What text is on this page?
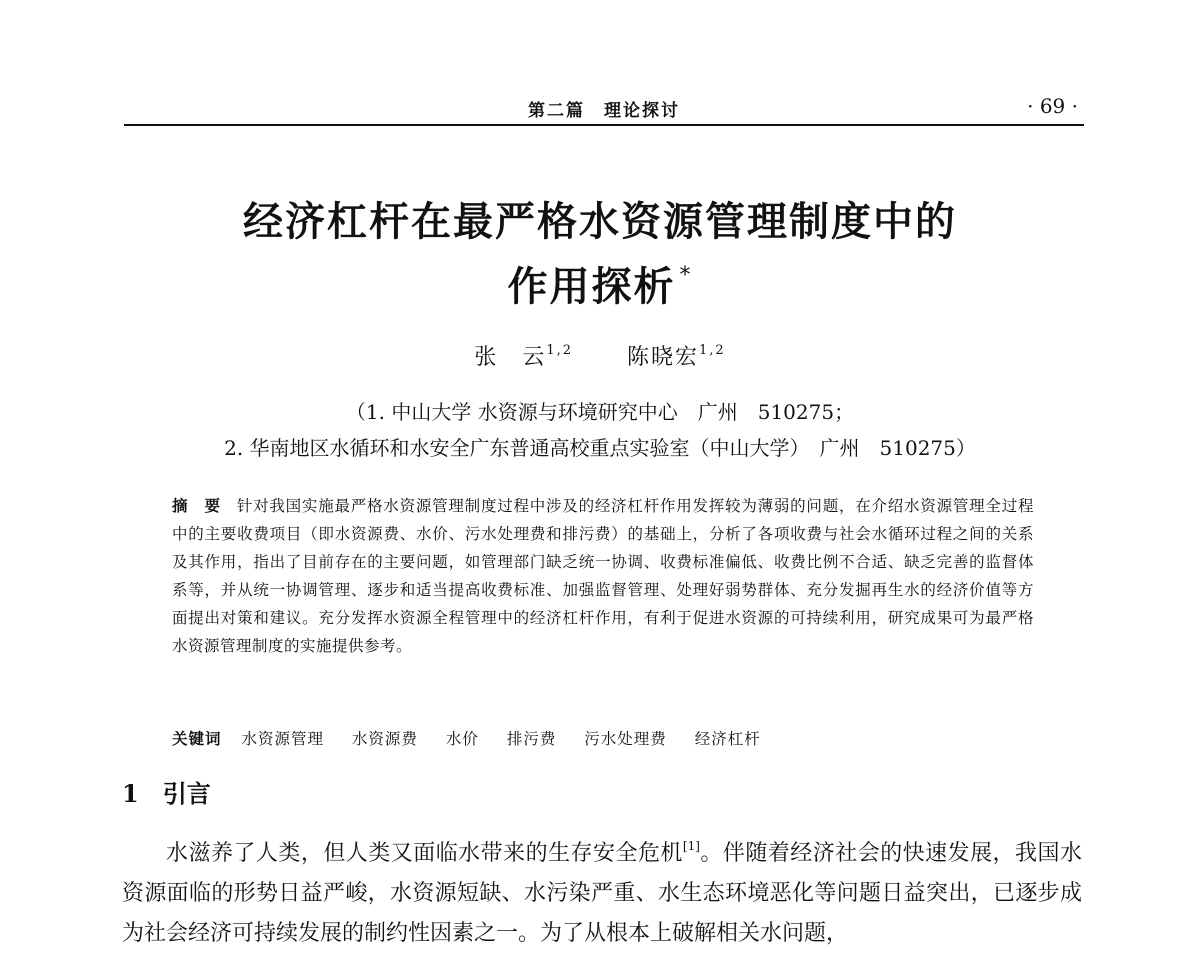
第二篇　理论探讨	· 69 ·
经济杠杆在最严格水资源管理制度中的
作用探析 *
张　云$^{1,2}$ 陈晓宏$^{1,2}$
（1. 中山大学 水资源与环境研究中心　广州　510275；
2. 华南地区水循环和水安全广东普通高校重点实验室（中山大学）　广州　510275）
摘　要 针对我国实施最严格水资源管理制度过程中涉及的经济杠杆作用发挥较为薄弱的问题，在介绍水资源管理全过程中的主要收费项目（即水资源费、水价、污水处理费和排污费）的基础上，分析了各项收费与社会水循环过程之间的关系及其作用，指出了目前存在的主要问题，如管理部门缺乏统一协调、收费标准偏低、收费比例不合适、缺乏完善的监督体系等，并从统一协调管理、逐步和适当提高收费标准、加强监督管理、处理好弱势群体、充分发掘再生水的经济价值等方面提出对策和建议。充分发挥水资源全程管理中的经济杠杆作用，有利于促进水资源的可持续利用，研究成果可为最严格水资源管理制度的实施提供参考。
关键词 水资源管理 水资源费 水价 排污费 污水处理费 经济杠杆
1 引言
水滋养了人类，但人类又面临水带来的生存安全危机[1]。伴随着经济社会的快速发展，我国水资源面临的形势日益严峻，水资源短缺、水污染严重、水生态环境恶化等问题日益突出，已逐步成为社会经济可持续发展的制约性因素之一。为了从根本上破解相关水问题，
